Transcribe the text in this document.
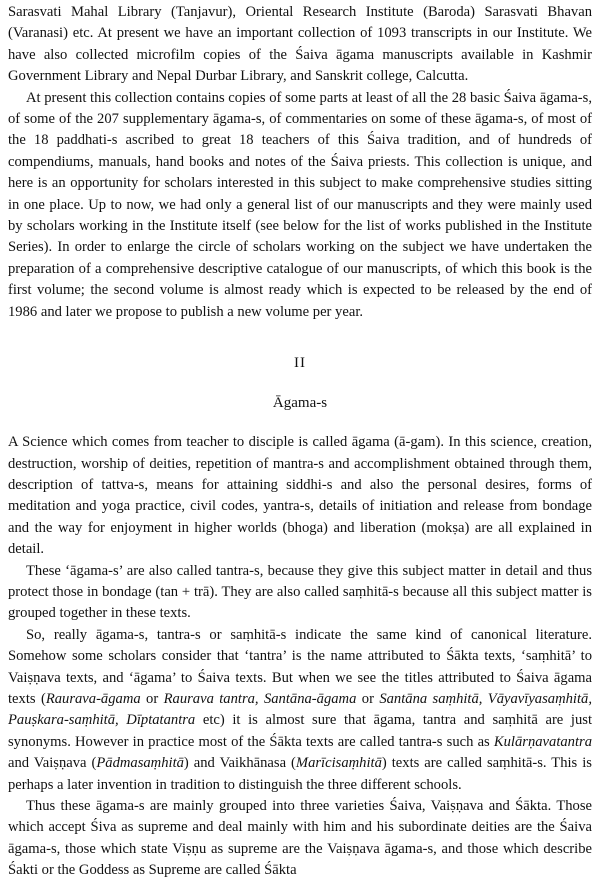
Sarasvati Mahal Library (Tanjavur), Oriental Research Institute (Baroda) Sarasvati Bhavan (Varanasi) etc. At present we have an important collection of 1093 transcripts in our Institute. We have also collected microfilm copies of the Śaiva āgama manuscripts available in Kashmir Government Library and Nepal Durbar Library, and Sanskrit college, Calcutta.

At present this collection contains copies of some parts at least of all the 28 basic Śaiva āgama-s, of some of the 207 supplementary āgama-s, of commentaries on some of these āgama-s, of most of the 18 paddhati-s ascribed to great 18 teachers of this Śaiva tradition, and of hundreds of compendiums, manuals, hand books and notes of the Śaiva priests. This collection is unique, and here is an opportunity for scholars interested in this subject to make comprehensive studies sitting in one place. Up to now, we had only a general list of our manuscripts and they were mainly used by scholars working in the Institute itself (see below for the list of works published in the Institute Series). In order to enlarge the circle of scholars working on the subject we have undertaken the preparation of a comprehensive descriptive catalogue of our manuscripts, of which this book is the first volume; the second volume is almost ready which is expected to be released by the end of 1986 and later we propose to publish a new volume per year.

II
Āgama-s

A Science which comes from teacher to disciple is called āgama (ā-gam). In this science, creation, destruction, worship of deities, repetition of mantra-s and accomplishment obtained through them, description of tattva-s, means for attaining siddhi-s and also the personal desires, forms of meditation and yoga practice, civil codes, yantra-s, details of initiation and release from bondage and the way for enjoyment in higher worlds (bhoga) and liberation (mokṣa) are all explained in detail.

These ‘āgama-s’ are also called tantra-s, because they give this subject matter in detail and thus protect those in bondage (tan + trā). They are also called saṃhitā-s because all this subject matter is grouped together in these texts.

So, really āgama-s, tantra-s or saṃhitā-s indicate the same kind of canonical literature. Somehow some scholars consider that ‘tantra’ is the name attributed to Śākta texts, ‘saṃhitā’ to Vaiṣṇava texts, and ‘āgama’ to Śaiva texts. But when we see the titles attributed to Śaiva āgama texts (Raurava-āgama or Raurava tantra, Santāna-āgama or Santāna saṃhitā, Vāyavīyasaṃhitā, Pauṣkara-saṃhitā, Dīptatantra etc) it is almost sure that āgama, tantra and saṃhitā are just synonyms. However in practice most of the Śākta texts are called tantra-s such as Kulārṇavatantra and Vaiṣṇava (Pādmasaṃhitā) and Vaikhānasa (Marīcisaṃhitā) texts are called saṃhitā-s. This is perhaps a later invention in tradition to distinguish the three different schools.

Thus these āgama-s are mainly grouped into three varieties Śaiva, Vaiṣṇava and Śākta. Those which accept Śiva as supreme and deal mainly with him and his subordinate deities are the Śaiva āgama-s, those which state Viṣṇu as supreme are the Vaiṣṇava āgama-s, and those which describe Śakti or the Goddess as Supreme are called Śākta
